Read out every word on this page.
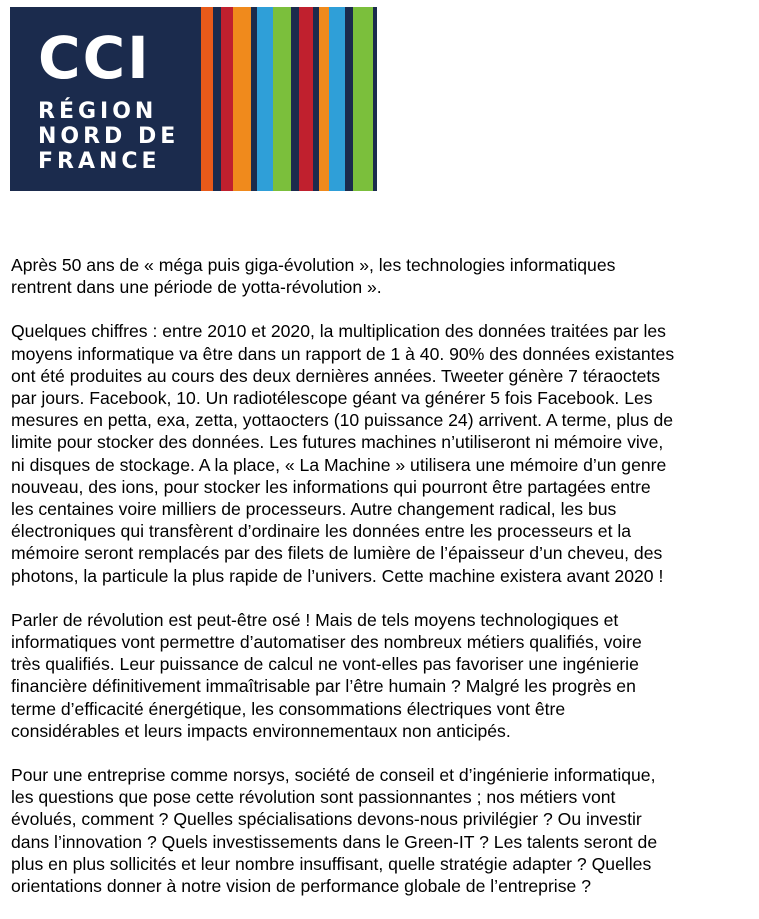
CCI
RÉGION
NORD DE
FRANCE

Après 50 ans de « méga puis giga-évolution », les technologies informatiques
rentrent dans une période de yotta-révolution ».

Quelques chiffres : entre 2010 et 2020, la multiplication des données traitées par les
moyens informatique va être dans un rapport de 1 à 40. 90% des données existantes
ont été produites au cours des deux dernières années. Tweeter génère 7 téraoctets
par jours. Facebook, 10. Un radiotélescope géant va générer 5 fois Facebook. Les
mesures en petta, exa, zetta, yottaocters (10 puissance 24) arrivent. A terme, plus de
limite pour stocker des données. Les futures machines n’utiliseront ni mémoire vive,
ni disques de stockage. A la place, « La Machine » utilisera une mémoire d’un genre
nouveau, des ions, pour stocker les informations qui pourront être partagées entre
les centaines voire milliers de processeurs. Autre changement radical, les bus
électroniques qui transfèrent d’ordinaire les données entre les processeurs et la
mémoire seront remplacés par des filets de lumière de l’épaisseur d’un cheveu, des
photons, la particule la plus rapide de l’univers. Cette machine existera avant 2020 !

Parler de révolution est peut-être osé ! Mais de tels moyens technologiques et
informatiques vont permettre d’automatiser des nombreux métiers qualifiés, voire
très qualifiés. Leur puissance de calcul ne vont-elles pas favoriser une ingénierie
financière définitivement immaîtrisable par l’être humain ? Malgré les progrès en
terme d’efficacité énergétique, les consommations électriques vont être
considérables et leurs impacts environnementaux non anticipés.

Pour une entreprise comme norsys, société de conseil et d’ingénierie informatique,
les questions que pose cette révolution sont passionnantes ; nos métiers vont
évolués, comment ? Quelles spécialisations devons-nous privilégier ? Ou investir
dans l’innovation ? Quels investissements dans le Green-IT ? Les talents seront de
plus en plus sollicités et leur nombre insuffisant, quelle stratégie adapter ? Quelles
orientations donner à notre vision de performance globale de l’entreprise ?
